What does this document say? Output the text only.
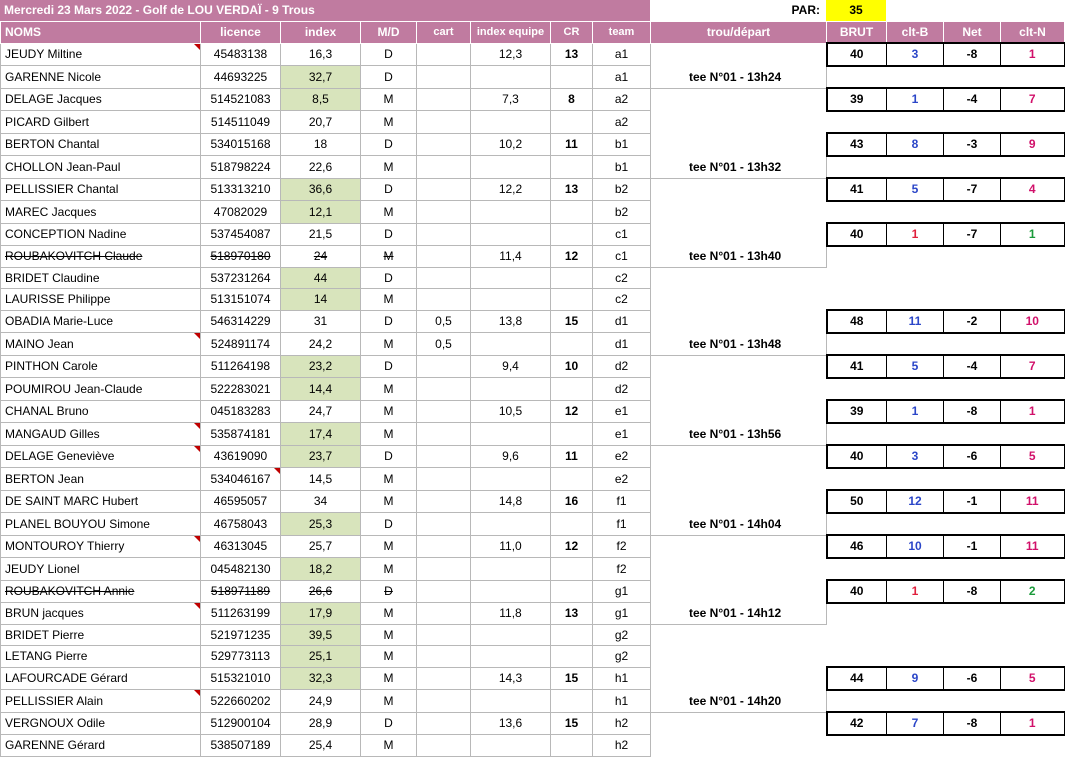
Mercredi 23 Mars 2022 - Golf de LOU VERDAÏ - 9 Trous	PAR:	35
NOMS	licence	index	M/D	cart	index equipe	CR	team	trou/départ	BRUT	clt-B	Net	clt-N
JEUDY Miltine	45483138	16,3	D		12,3	13	a1		40	3	-8	1
GARENNE Nicole	44693225	32,7	D				a1	tee N°01 - 13h24				
DELAGE Jacques	514521083	8,5	M		7,3	8	a2		39	1	-4	7
PICARD Gilbert	514511049	20,7	M				a2					
BERTON Chantal	534015168	18	D		10,2	11	b1		43	8	-3	9
CHOLLON Jean-Paul	518798224	22,6	M				b1	tee N°01 - 13h32				
PELLISSIER Chantal	513313210	36,6	D		12,2	13	b2		41	5	-7	4
MAREC Jacques	47082029	12,1	M				b2					
CONCEPTION Nadine	537454087	21,5	D				c1		40	1	-7	1
ROUBAKOVITCH Claude	518970180	24	M		11,4	12	c1	tee N°01 - 13h40				
BRIDET Claudine	537231264	44	D				c2					
LAURISSE Philippe	513151074	14	M				c2					
OBADIA Marie-Luce	546314229	31	D	0,5	13,8	15	d1		48	11	-2	10
MAINO Jean	524891174	24,2	M	0,5			d1	tee N°01 - 13h48				
PINTHON Carole	511264198	23,2	D		9,4	10	d2		41	5	-4	7
POUMIROU Jean-Claude	522283021	14,4	M				d2					
CHANAL Bruno	045183283	24,7	M		10,5	12	e1		39	1	-8	1
MANGAUD Gilles	535874181	17,4	M				e1	tee N°01 - 13h56				
DELAGE Geneviève	43619090	23,7	D		9,6	11	e2		40	3	-6	5
BERTON Jean	534046167	14,5	M				e2					
DE SAINT MARC Hubert	46595057	34	M		14,8	16	f1		50	12	-1	11
PLANEL BOUYOU Simone	46758043	25,3	D				f1	tee N°01 - 14h04				
MONTOUROY Thierry	46313045	25,7	M		11,0	12	f2		46	10	-1	11
JEUDY Lionel	045482130	18,2	M				f2					
ROUBAKOVITCH Annie	518971189	26,6	D				g1		40	1	-8	2
BRUN jacques	511263199	17,9	M		11,8	13	g1	tee N°01 - 14h12				
BRIDET Pierre	521971235	39,5	M				g2					
LETANG Pierre	529773113	25,1	M				g2					
LAFOURCADE Gérard	515321010	32,3	M		14,3	15	h1		44	9	-6	5
PELLISSIER Alain	522660202	24,9	M				h1	tee N°01 - 14h20				
VERGNOUX Odile	512900104	28,9	D		13,6	15	h2		42	7	-8	1
GARENNE Gérard	538507189	25,4	M				h2					
